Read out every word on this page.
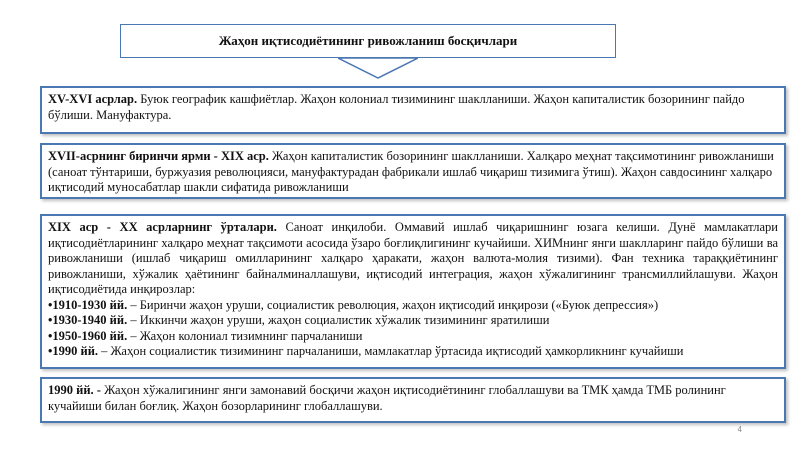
Жаҳон иқтисодиётининг ривожланиш босқичлари
XV-XVI асрлар. Буюк географик кашфиётлар. Жаҳон колониал тизимининг шаклланиши. Жаҳон капиталистик бозорининг пайдо бўлиши. Мануфактура.
XVII-асрнинг биринчи ярми - XIX аср. Жаҳон капиталистик бозорининг шаклланиши. Халқаро меҳнат тақсимотининг ривожланиши (саноат тўнтариши, буржуазия революцияси, мануфактурадан фабрикали ишлаб чиқариш тизимига ўтиш). Жаҳон савдосининг халқаро иқтисодий муносабатлар шакли сифатида ривожланиши
XIX аср - XX асрларнинг ўрталари. Саноат инқилоби. Оммавий ишлаб чиқаришнинг юзага келиши. Дунё мамлакатлари иқтисодиётларининг халқаро меҳнат тақсимоти асосида ўзаро боғлиқлигининг кучайиши. ХИМнинг янги шаклларинг пайдо бўлиши ва ривожланиши (ишлаб чиқариш омилларининг халқаро ҳаракати, жаҳон валюта-молия тизими). Фан техника тараққиётининг ривожланиши, хўжалик ҳаётининг байналминаллашуви, иқтисодий интеграция, жаҳон хўжалигининг трансмиллийлашуви. Жаҳон иқтисодиётида инқирозлар:
•1910-1930 йй. – Биринчи жаҳон уруши, социалистик революция, жаҳон иқтисодий инқирози («Буюк депрессия»)
•1930-1940 йй. – Иккинчи жаҳон уруши, жаҳон социалистик хўжалик тизимининг яратилиши
•1950-1960 йй. – Жаҳон колониал тизимнинг парчаланиши
•1990 йй. – Жаҳон социалистик тизимининг парчаланиши, мамлакатлар ўртасида иқтисодий ҳамкорликнинг кучайиши
1990 йй. - Жаҳон хўжалигининг янги замонавий босқичи жаҳон иқтисодиётининг глобаллашуви ва ТМК ҳамда ТМБ ролининг кучайиши билан боғлиқ. Жаҳон бозорларининг глобаллашуви.
4
